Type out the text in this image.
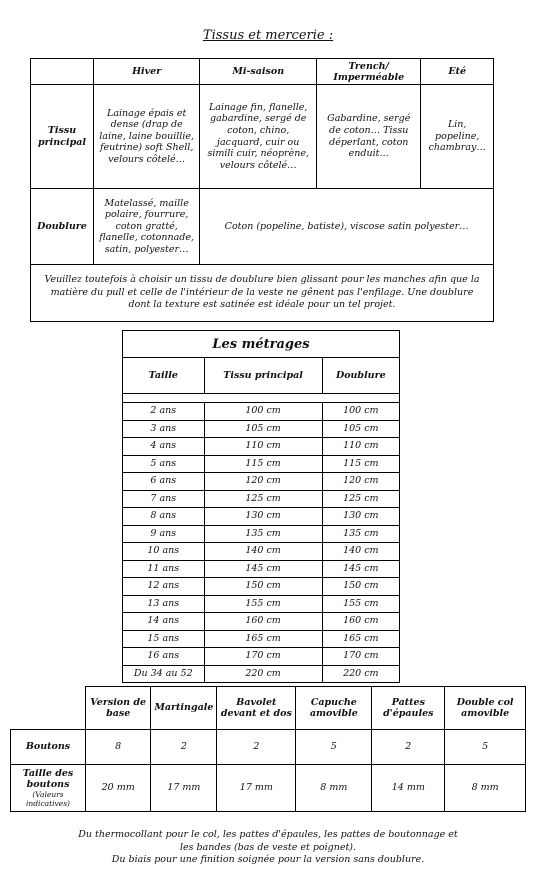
Tissus et mercerie :
	Hiver	Mi-saison	Trench/ Imperméable	Eté
Tissu principal	Lainage épais et dense (drap de laine, laine bouillie, feutrine) soft Shell, velours côtelé…	Lainage fin, flanelle, gabardine, sergé de coton, chino, jacquard, cuir ou simili cuir, néoprène, velours côtelé…	Gabardine, sergé de coton… Tissu déperlant, coton enduit…	Lin, popeline, chambray…
Doublure	Matelassé, maille polaire, fourrure, coton gratté, flanelle, cotonnade, satin, polyester…	Coton (popeline, batiste), viscose satin polyester…		
Veuillez toutefois à choisir un tissu de doublure bien glissant pour les manches afin que la matière du pull et celle de l'intérieur de la veste ne gênent pas l'enfilage. Une doublure dont la texture est satinée est idéale pour un tel projet.				
Les métrages		
Taille	Tissu principal	Doublure

2 ans	100 cm	100 cm
3 ans	105 cm	105 cm
4 ans	110 cm	110 cm
5 ans	115 cm	115 cm
6 ans	120 cm	120 cm
7 ans	125 cm	125 cm
8 ans	130 cm	130 cm
9 ans	135 cm	135 cm
10 ans	140 cm	140 cm
11 ans	145 cm	145 cm
12 ans	150 cm	150 cm
13 ans	155 cm	155 cm
14 ans	160 cm	160 cm
15 ans	165 cm	165 cm
16 ans	170 cm	170 cm
Du 34 au 52	220 cm	220 cm
	Version de base	Martingale	Bavolet devant et dos	Capuche amovible	Pattes d'épaules	Double col amovible
Boutons	8	2	2	5	2	5
Taille des boutons
(Valeurs indicatives)	20 mm	17 mm	17 mm	8 mm	14 mm	8 mm
Du thermocollant pour le col, les pattes d'épaules, les pattes de boutonnage et
les bandes (bas de veste et poignet).
Du biais pour une finition soignée pour la version sans doublure.
